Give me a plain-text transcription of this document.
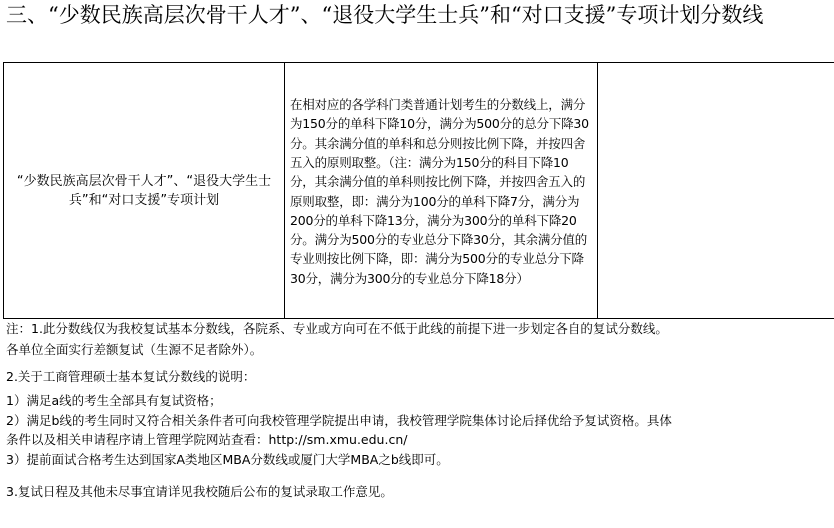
三、“少数民族高层次骨干人才”、“退役大学生士兵”和“对口支援”专项计划分数线
“少数民族高层次骨干人才”、“退役大学生士兵”和“对口支援”专项计划	在相对应的各学科门类普通计划考生的分数线上，满分为150分的单科下降10分，满分为500分的总分下降30分。其余满分值的单科和总分则按比例下降，并按四舍五入的原则取整。（注：满分为150分的科目下降10分，其余满分值的单科则按比例下降，并按四舍五入的原则取整，即：满分为100分的单科下降7分，满分为200分的单科下降13分，满分为300分的单科下降20分。满分为500分的专业总分下降30分，其余满分值的专业则按比例下降，即：满分为500分的专业总分下降30分，满分为300分的专业总分下降18分）	
注：1.此分数线仅为我校复试基本分数线，各院系、专业或方向可在不低于此线的前提下进一步划定各自的复试分数线。
各单位全面实行差额复试（生源不足者除外）。
2.关于工商管理硕士基本复试分数线的说明：
1）满足a线的考生全部具有复试资格；
2）满足b线的考生同时又符合相关条件者可向我校管理学院提出申请，我校管理学院集体讨论后择优给予复试资格。具体
条件以及相关申请程序请上管理学院网站查看：http://sm.xmu.edu.cn/
3）提前面试合格考生达到国家A类地区MBA分数线或厦门大学MBA之b线即可。
3.复试日程及其他未尽事宜请详见我校随后公布的复试录取工作意见。
